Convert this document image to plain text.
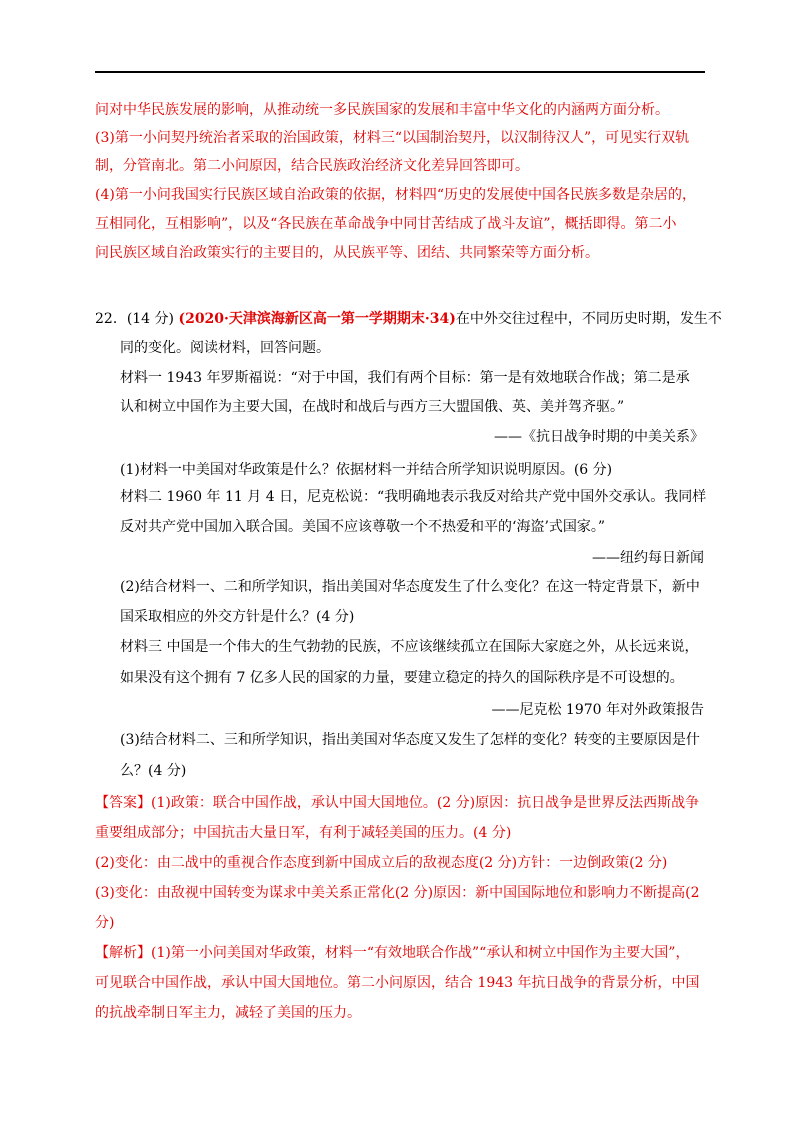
问对中华民族发展的影响，从推动统一多民族国家的发展和丰富中华文化的内涵两方面分析。
(3)第一小问契丹统治者采取的治国政策，材料三“以国制治契丹，以汉制待汉人”，可见实行双轨
制，分管南北。第二小问原因，结合民族政治经济文化差异回答即可。
(4)第一小问我国实行民族区域自治政策的依据，材料四“历史的发展使中国各民族多数是杂居的，
互相同化，互相影响”，以及“各民族在革命战争中同甘苦结成了战斗友谊”，概括即得。第二小
问民族区域自治政策实行的主要目的，从民族平等、团结、共同繁荣等方面分析。
22．(14 分) (2020·天津滨海新区高一第一学期期末·34)在中外交往过程中，不同历史时期，发生不
同的变化。阅读材料，回答问题。
材料一 1943 年罗斯福说：“对于中国，我们有两个目标：第一是有效地联合作战；第二是承
认和树立中国作为主要大国，在战时和战后与西方三大盟国俄、英、美并驾齐驱。”
——《抗日战争时期的中美关系》
(1)材料一中美国对华政策是什么？依据材料一并结合所学知识说明原因。(6 分)
材料二 1960 年 11 月 4 日，尼克松说：“我明确地表示我反对给共产党中国外交承认。我同样
反对共产党中国加入联合国。美国不应该尊敬一个不热爱和平的‘海盗’式国家。”
——纽约每日新闻
(2)结合材料一、二和所学知识，指出美国对华态度发生了什么变化？在这一特定背景下，新中
国采取相应的外交方针是什么？(4 分)
材料三 中国是一个伟大的生气勃勃的民族，不应该继续孤立在国际大家庭之外，从长远来说，
如果没有这个拥有 7 亿多人民的国家的力量，要建立稳定的持久的国际秩序是不可设想的。
——尼克松 1970 年对外政策报告
(3)结合材料二、三和所学知识，指出美国对华态度又发生了怎样的变化？转变的主要原因是什
么？(4 分)
【答案】(1)政策：联合中国作战，承认中国大国地位。(2 分)原因：抗日战争是世界反法西斯战争
重要组成部分；中国抗击大量日军，有利于减轻美国的压力。(4 分)
(2)变化：由二战中的重视合作态度到新中国成立后的敌视态度(2 分)方针：一边倒政策(2 分)
(3)变化：由敌视中国转变为谋求中美关系正常化(2 分)原因：新中国国际地位和影响力不断提高(2
分)
【解析】(1)第一小问美国对华政策，材料一“有效地联合作战”“承认和树立中国作为主要大国”，
可见联合中国作战，承认中国大国地位。第二小问原因，结合 1943 年抗日战争的背景分析，中国
的抗战牵制日军主力，减轻了美国的压力。
